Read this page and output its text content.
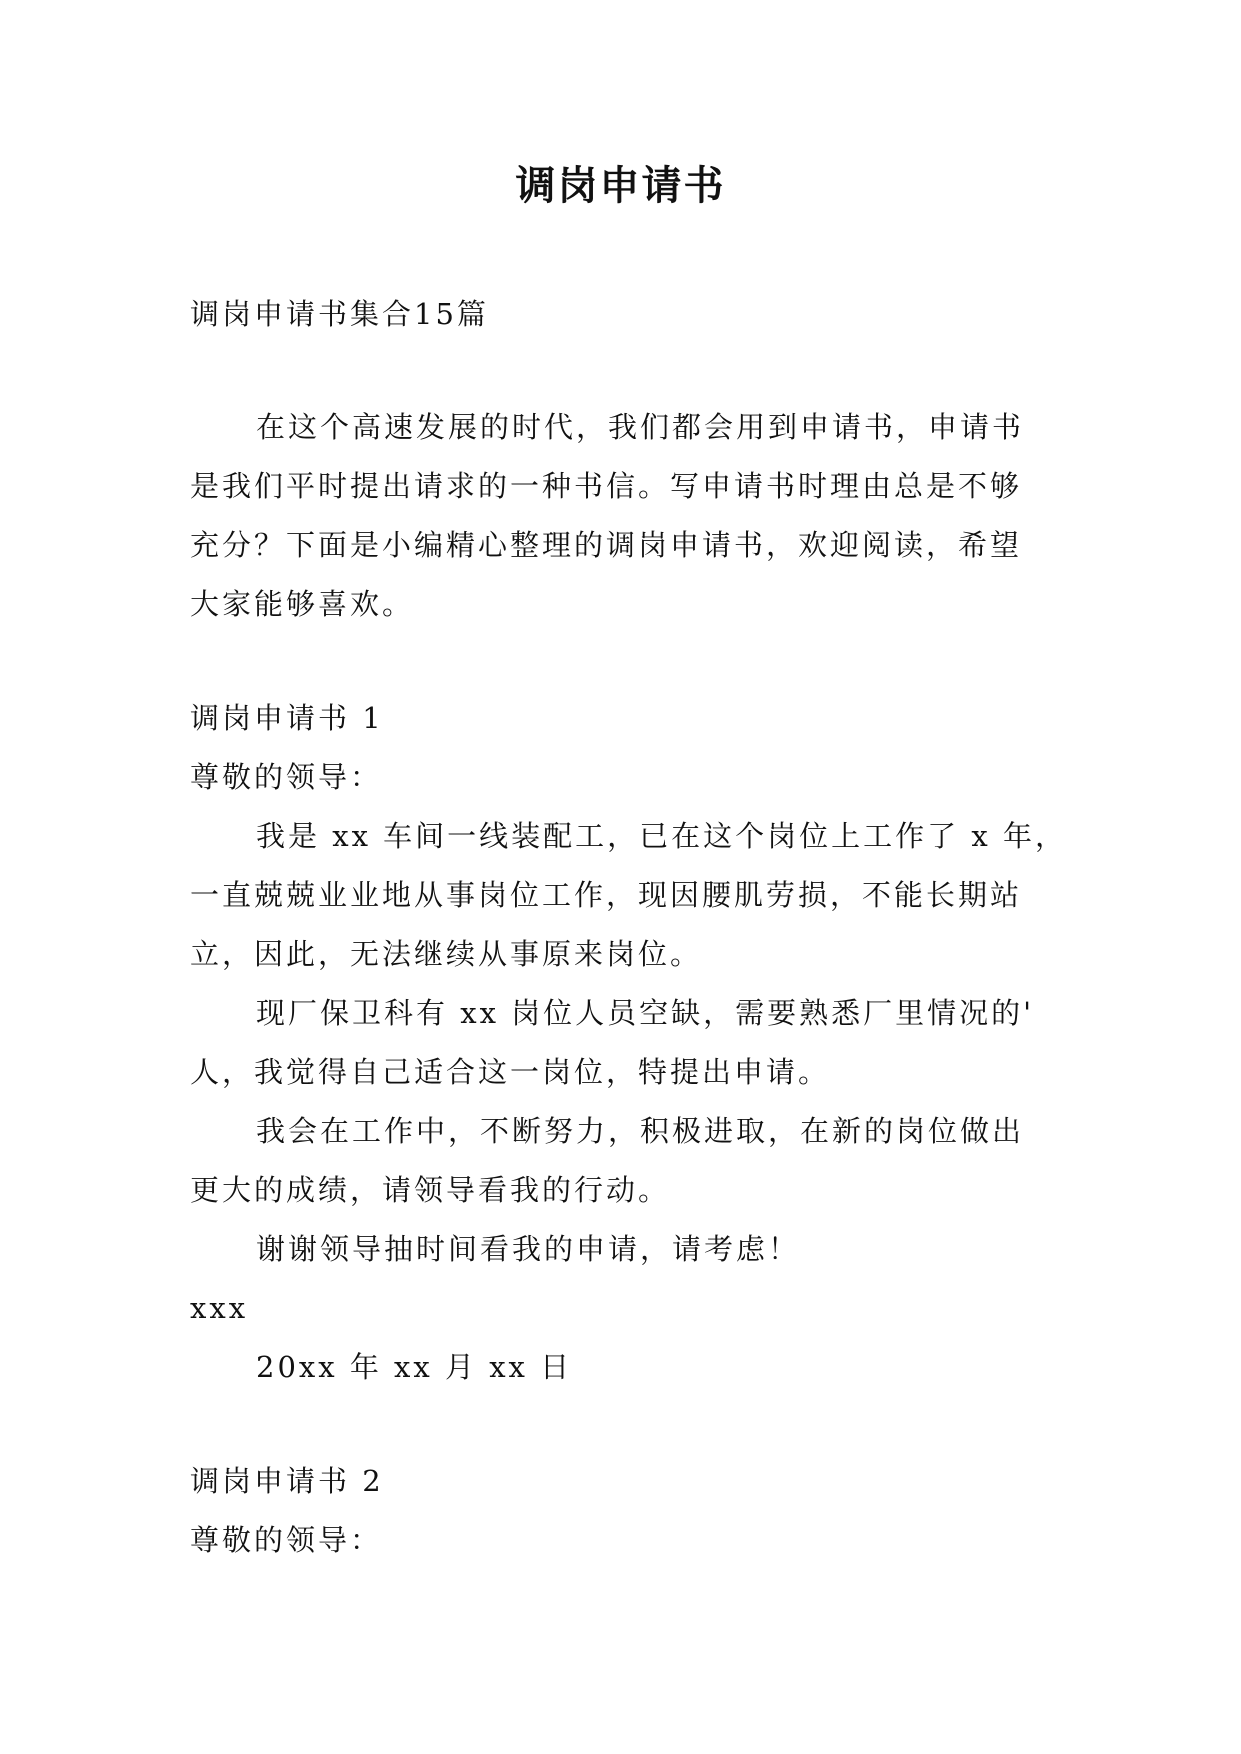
调岗申请书

调岗申请书集合15篇

在这个高速发展的时代，我们都会用到申请书，申请书

是我们平时提出请求的一种书信。写申请书时理由总是不够

充分？下面是小编精心整理的调岗申请书，欢迎阅读，希望

大家能够喜欢。

调岗申请书 1

尊敬的领导：

我是 xx 车间一线装配工，已在这个岗位上工作了 x 年，

一直兢兢业业地从事岗位工作，现因腰肌劳损，不能长期站

立，因此，无法继续从事原来岗位。

现厂保卫科有 xx 岗位人员空缺，需要熟悉厂里情况的'

人，我觉得自己适合这一岗位，特提出申请。

我会在工作中，不断努力，积极进取，在新的岗位做出

更大的成绩，请领导看我的行动。

谢谢领导抽时间看我的申请，请考虑！

xxx

20xx 年 xx 月 xx 日

调岗申请书 2

尊敬的领导：
